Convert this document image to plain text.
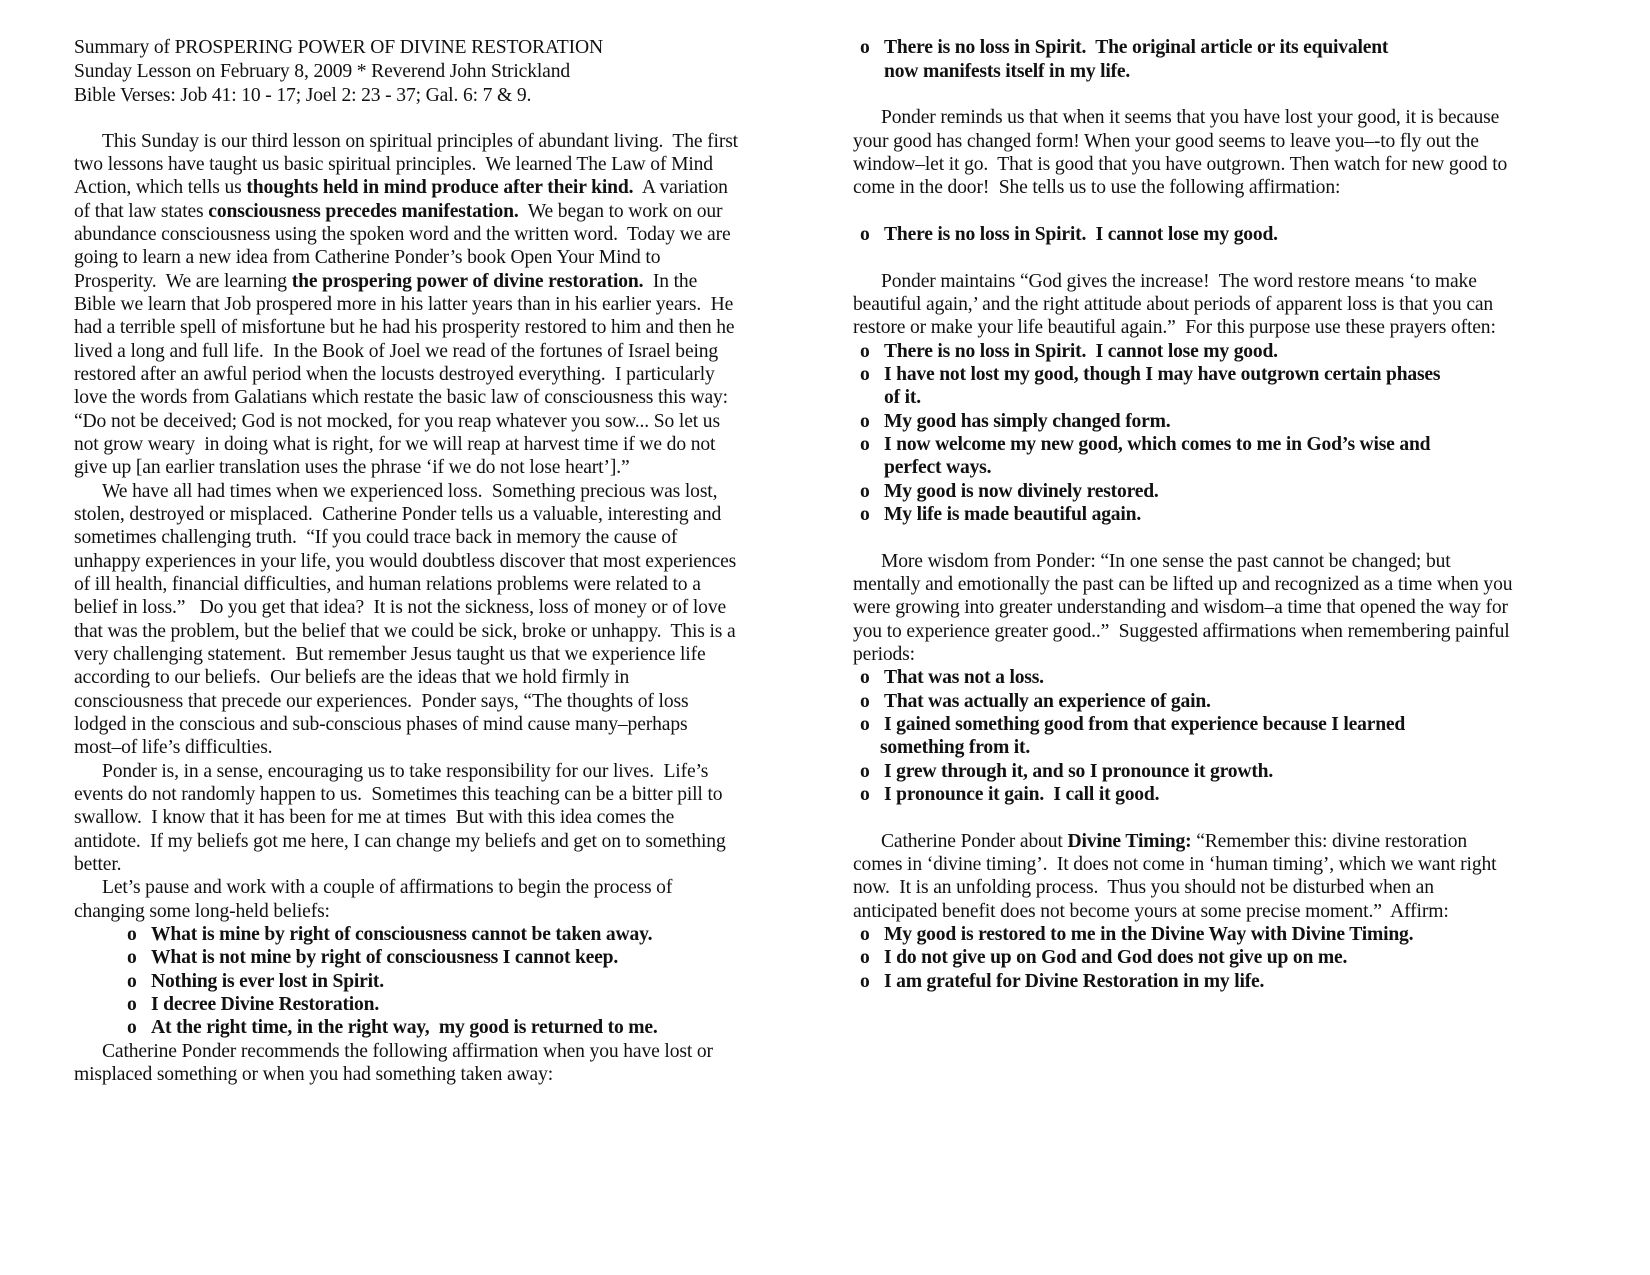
Summary of PROSPERING POWER OF DIVINE RESTORATION
Sunday Lesson on February 8, 2009 * Reverend John Strickland
Bible Verses: Job 41: 10 - 17; Joel 2: 23 - 37; Gal. 6: 7 & 9.
This Sunday is our third lesson on spiritual principles of abundant living.  The first
two lessons have taught us basic spiritual principles.  We learned The Law of Mind
Action, which tells us thoughts held in mind produce after their kind.  A variation
of that law states consciousness precedes manifestation.  We began to work on our
abundance consciousness using the spoken word and the written word.  Today we are
going to learn a new idea from Catherine Ponder’s book Open Your Mind to
Prosperity.  We are learning the prospering power of divine restoration.  In the
Bible we learn that Job prospered more in his latter years than in his earlier years.  He
had a terrible spell of misfortune but he had his prosperity restored to him and then he
lived a long and full life.  In the Book of Joel we read of the fortunes of Israel being
restored after an awful period when the locusts destroyed everything.  I particularly
love the words from Galatians which restate the basic law of consciousness this way:
“Do not be deceived; God is not mocked, for you reap whatever you sow... So let us
not grow weary  in doing what is right, for we will reap at harvest time if we do not
give up [an earlier translation uses the phrase ‘if we do not lose heart’].”
We have all had times when we experienced loss.  Something precious was lost,
stolen, destroyed or misplaced.  Catherine Ponder tells us a valuable, interesting and
sometimes challenging truth.  “If you could trace back in memory the cause of
unhappy experiences in your life, you would doubtless discover that most experiences
of ill health, financial difficulties, and human relations problems were related to a
belief in loss.”   Do you get that idea?  It is not the sickness, loss of money or of love
that was the problem, but the belief that we could be sick, broke or unhappy.  This is a
very challenging statement.  But remember Jesus taught us that we experience life
according to our beliefs.  Our beliefs are the ideas that we hold firmly in
consciousness that precede our experiences.  Ponder says, “The thoughts of loss
lodged in the conscious and sub-conscious phases of mind cause many–perhaps
most–of life’s difficulties.
Ponder is, in a sense, encouraging us to take responsibility for our lives.  Life’s
events do not randomly happen to us.  Sometimes this teaching can be a bitter pill to
swallow.  I know that it has been for me at times  But with this idea comes the
antidote.  If my beliefs got me here, I can change my beliefs and get on to something
better.
Let’s pause and work with a couple of affirmations to begin the process of
changing some long-held beliefs:
o What is mine by right of consciousness cannot be taken away.
o What is not mine by right of consciousness I cannot keep.
o Nothing is ever lost in Spirit.
o I decree Divine Restoration.
o At the right time, in the right way,  my good is returned to me.
Catherine Ponder recommends the following affirmation when you have lost or
misplaced something or when you had something taken away:
o There is no loss in Spirit.  The original article or its equivalent
now manifests itself in my life.
Ponder reminds us that when it seems that you have lost your good, it is because
your good has changed form! When your good seems to leave you–-to fly out the
window–let it go.  That is good that you have outgrown. Then watch for new good to
come in the door!  She tells us to use the following affirmation:
o There is no loss in Spirit.  I cannot lose my good.
Ponder maintains “God gives the increase!  The word restore means ‘to make
beautiful again,’ and the right attitude about periods of apparent loss is that you can
restore or make your life beautiful again.”  For this purpose use these prayers often:
o There is no loss in Spirit.  I cannot lose my good.
o I have not lost my good, though I may have outgrown certain phases
of it.
o My good has simply changed form.
o I now welcome my new good, which comes to me in God’s wise and
perfect ways.
o My good is now divinely restored.
o My life is made beautiful again.
More wisdom from Ponder: “In one sense the past cannot be changed; but
mentally and emotionally the past can be lifted up and recognized as a time when you
were growing into greater understanding and wisdom–a time that opened the way for
you to experience greater good..”  Suggested affirmations when remembering painful
periods:
o That was not a loss.
o That was actually an experience of gain.
o I gained something good from that experience because I learned
something from it.
o I grew through it, and so I pronounce it growth.
o I pronounce it gain.  I call it good.
Catherine Ponder about Divine Timing: “Remember this: divine restoration
comes in ‘divine timing’.  It does not come in ‘human timing’, which we want right
now.  It is an unfolding process.  Thus you should not be disturbed when an
anticipated benefit does not become yours at some precise moment.”  Affirm:
o My good is restored to me in the Divine Way with Divine Timing.
o I do not give up on God and God does not give up on me.
o I am grateful for Divine Restoration in my life.
